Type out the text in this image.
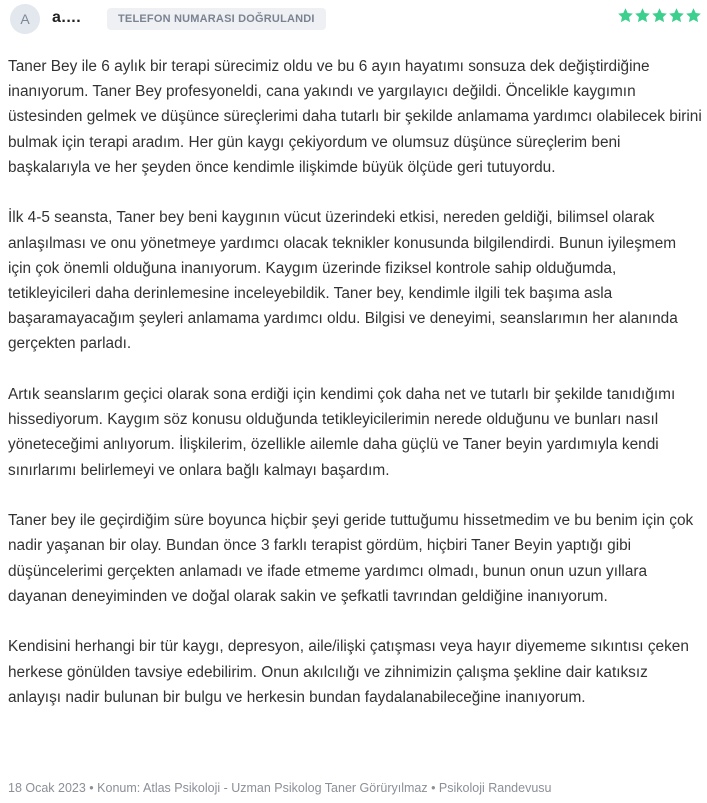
A	a....	TELEFON NUMARASI DOĞRULANDI

Taner Bey ile 6 aylık bir terapi sürecimiz oldu ve bu 6 ayın hayatımı sonsuza dek değiştirdiğine inanıyorum. Taner Bey profesyoneldi, cana yakındı ve yargılayıcı değildi. Öncelikle kaygımın üstesinden gelmek ve düşünce süreçlerimi daha tutarlı bir şekilde anlamama yardımcı olabilecek birini bulmak için terapi aradım. Her gün kaygı çekiyordum ve olumsuz düşünce süreçlerim beni başkalarıyla ve her şeyden önce kendimle ilişkimde büyük ölçüde geri tutuyordu.

İlk 4-5 seansta, Taner bey beni kaygının vücut üzerindeki etkisi, nereden geldiği, bilimsel olarak anlaşılması ve onu yönetmeye yardımcı olacak teknikler konusunda bilgilendirdi. Bunun iyileşmem için çok önemli olduğuna inanıyorum. Kaygım üzerinde fiziksel kontrole sahip olduğumda, tetikleyicileri daha derinlemesine inceleyebildik. Taner bey, kendimle ilgili tek başıma asla başaramayacağım şeyleri anlamama yardımcı oldu. Bilgisi ve deneyimi, seanslarımın her alanında gerçekten parladı.

Artık seanslarım geçici olarak sona erdiği için kendimi çok daha net ve tutarlı bir şekilde tanıdığımı hissediyorum. Kaygım söz konusu olduğunda tetikleyicilerimin nerede olduğunu ve bunları nasıl yöneteceğimi anlıyorum. İlişkilerim, özellikle ailemle daha güçlü ve Taner beyin yardımıyla kendi sınırlarımı belirlemeyi ve onlara bağlı kalmayı başardım.

Taner bey ile geçirdiğim süre boyunca hiçbir şeyi geride tuttuğumu hissetmedim ve bu benim için çok nadir yaşanan bir olay. Bundan önce 3 farklı terapist gördüm, hiçbiri Taner Beyin yaptığı gibi düşüncelerimi gerçekten anlamadı ve ifade etmeme yardımcı olmadı, bunun onun uzun yıllara dayanan deneyiminden ve doğal olarak sakin ve şefkatli tavrından geldiğine inanıyorum.

Kendisini herhangi bir tür kaygı, depresyon, aile/ilişki çatışması veya hayır diyememe sıkıntısı çeken herkese gönülden tavsiye edebilirim. Onun akılcılığı ve zihnimizin çalışma şekline dair katıksız anlayışı nadir bulunan bir bulgu ve herkesin bundan faydalanabileceğine inanıyorum.

18 Ocak 2023 • Konum: Atlas Psikoloji - Uzman Psikolog Taner Görüryılmaz • Psikoloji Randevusu
